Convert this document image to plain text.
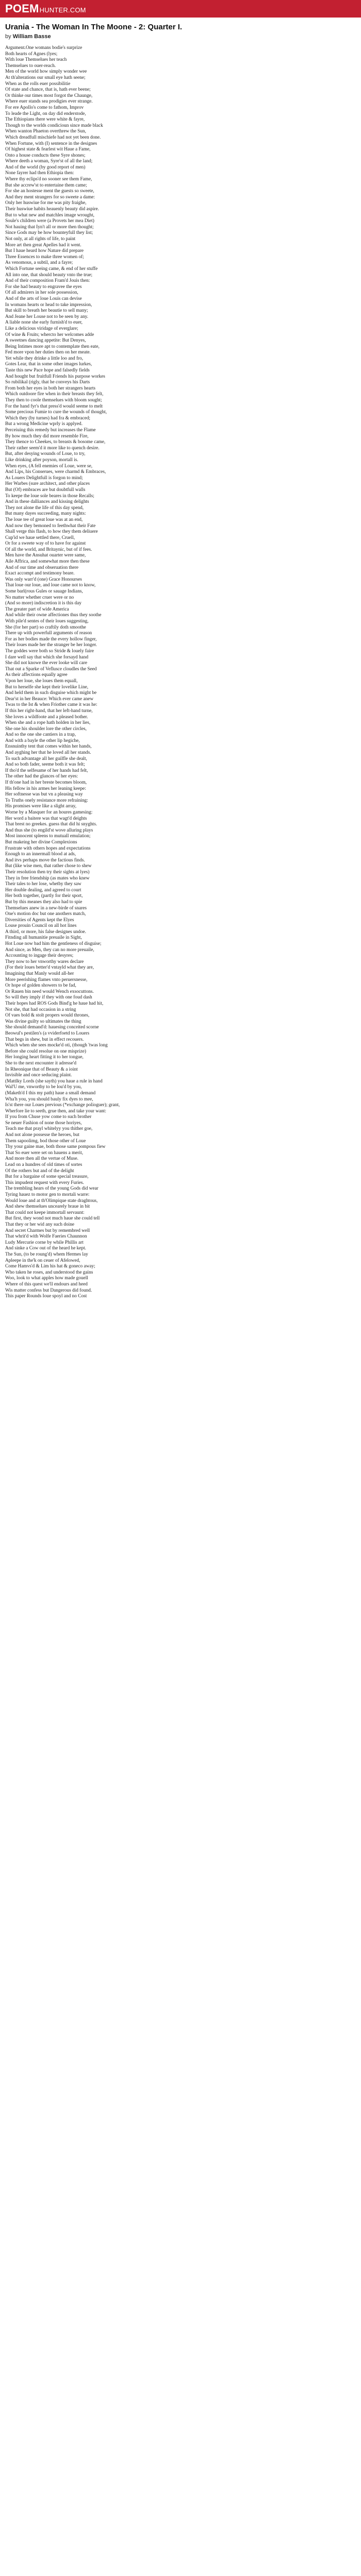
POEM HUNTER.COM
Urania - The Woman In The Moone - 2: Quarter I.
by William Basse
Argument.One womans bodie's surprize
Both hearts of Agnes (lyes;
With loue Themselues her teach
Themselues to ouer-reach.
Men of the world how simply wonder wee
At th'alterations our small eye hath seene;
When as the rolls euer possibilitie
Of state and chance, that is, hath ever beene;
Or thinke our times most forgot the Chaunge,
Where euer stands sea prodigies ever strange.
For ere Apollo's come to fathom, Improv
To leade the Light, on day did enderstode,
The Ethiopians there were white & fayre,
Though to the worlds condicioun since made black
When wanton Phaeton overthrew the Sun,
Which dreadfull mischiefe had not yet been done.
When Fortune, with (I) sentence in the designes
Of highest state & fearlest wit Haue a Fame,
Onto a house conducts these Syre shones;
Where deeth a woman, Syre'st of all the land;
And of the world (by good report of men)
None fayrer had then Ethiopia then:
Where thy eclips'd no sooner see them Fame,
But she accrew'st to entertaine them came;
For she an hostesse ment the guests so sweete,
And they ment strangers for so sweete a dame:
Only her huswiue for me was pity fraighe,
Their huswiue habits heauenly beauty did aspire.
But to what new and matchles image wrought,
Soule's children were (a Provets her mea Diet)
Not hauing that Iyn't all or more then thought;
Since Gods may be how bounteyfull they list;
Not only, at all rights of life, to paint
More art then great Apelles had it went.
But I haue heard how Nature did prepare
Three Essences to make three women of;
As venomous, a subtil, and a fayre;
Which Fortune seeing came, & end of her stuffe
All into one, that should beauty vnto the true;
And of their composition Fram'd Jouis then:
For she had beauty to engravee the eyes
Of all admirers in her sole possession,
And of the arts of loue Louis can devise
In womans hearts or head to take impression,
But skill to breath her beautie to sell many;
And Jeane her Louse not to be seen by any.
A liable none she early furnish'd to euer,
Like a delicious viridage of everglare;
Of wine & Fruits; whercto her welcomes adde
A sweetnes dancing appetite: But Denyes,
Being Intimes more apt to contemplate then eate,
Fed more vpon her duties then on her meate.
Yet while they drinke a little loo and fro,
Gotes Lear, that in some other images lurkes,
Taste this new Pace hope and falsedly fields
And hought but fruitfull Friends his purpose workes
So rubilikal (rigly, that he conveys his Darts
From both her eyes in both her strangers hearts
Which outdoore fire when in their breasts they felt,
They then to coole themselues with bloom sought;
For the hand fyr's that press'd would seeme to melt
Some precious Fumie to cure the wounds of thought,
Which they (by turnes) had fra & embraced;
But a wrong Medicine wprly is applyed.
Perceiuing this remedy but increases the Flame
By how much they did more resemble Fire,
They thence to Cheekes, to breasts & bosome came,
Their rather seem'd it more like to quench desire.
But, after desying wounds of Loue, to try,
Like drinking after poyson, mortall is.
When eyes, (A fell enemies of Loue, were se,
And Lips, his Conserues, were charmd & Embraces,
As Louers Delightfull is forgon to mind;
Her Warbes (sure architect, and other places
But (Of) embraces are but doubtfull walls
To keepe the loue sole beares in those Recalls;
And in these dalliances and kissing delights
They not alone the life of this day spend,
But many dayes succeeding, many nights:
The loue tee of great loue was at an end,
And now they bemoned to feethwhat their Fate
Shall verge this flash, to how they them deliuere
Cup'id we haue settled there, Cruell,
Or for a sweete way of to have for against
Of all the world, and Britaynic, but of if fees.
Men have the Ansuhat ouarter were same,
Aile Affrica, and somewhat more then these
And of our time and obseruation there
Exact accompt and testimony beare.
Was only warr'd (one) Grace Honourses
That loue our loue, and loue came not to know,
Some barl(rous Gules or sauage Indians,
No matter whether cruer were or no
(And so more) indiscretion it is this day
The greater part of wide America
And while their owne affectiones thus they soothe
With pile'd sentes of their loues suggesting,
She (for her part) so craftily doth smoothe
There up with powerfull arguments of reason
For as her bodies made the every hollow finger,
Their loues made her the stranger be her longer.
The goddes were both so Stride & louely faire
I dare well say that which she forsayd hand
She did not knowe the ever looke will care
That out a Sparke of Veflusce cloudles the Seed
As their affections equally agree
Vpon her loue, she loues them equall,
But to herselfe she kept their lovelike Line,
And held them in such disguise which might be
Dear'st in her Beauce: Which ever came anew
Twas to the Ist & when Friother came it was he:
If this her right-hand, that her left-hand turne,
She loves a wildfoote and a pleased bother.
When she and a rope hath holden in her lies,
She one his shoulder lore the other circles,
And so the one she cantiers in a trap,
And with a bayle the other lip hegiche,
Ensnuinthy tent that comes within her hands,
And ayghing her that he loved all her stands.
To such advantage all her guilfle she dealt,
And so both fader, seeme both it was felt;
If tho'd the selfesame of her hands had felt,
The other had the glances of her eyes:
If th'one had in her breste becomes bloom,
His fellow in his armes her leaning keepe:
Her softnesse was but vn a pleasing way
To Truths onely resistance more refraining:
His promises were like a slight array,
Worne by a Masquer for an houres gamesing:
Her word a baitere was that wagt'd deights
That brest no greekes. guess that did hi snyghts.
And thus she (to engild'st wove alluring plays
Most innocent spleens to mutuall emulation;
But makeing her divine Complexions
Frustrate with others hopes and expectations
Enough to an innermall blood at ads,
And itvs perhaps move the factious finds.
But (like wise men, that rather chose to shew
Their resolution then try their sights at lyes)
They in free friendship (as mates who knew
Their tales to her lose, whetby they saw
Her double dealing, and agreed to court
Her both together, (partly for their sport,
But by this meanes they also had to spie
Themselues anew in a new-birde of snares
One's motion doc but one anothers match,
Diversities of Agents kept the Elyes
Louse prouin Council on all hot lines
A third, or more, his false designes undoe.
Fitnding all humanitie preuaile in Sight,
Hot Loue now bad him the gentleness of disguise;
And since, as Men, they can no more preuaile,
Accounting to ingage their desyres;
They now to her vnworthy wares declare
(For their loues better'd vntayld what they are,
Imagining that Manly would all-her
More peerishing flames vnto peruersnesse,
Or hope of golden showers to be fad,
Or Rauen bin need would Wench exsocuttons.
So will they imply if they with one foud dash
Their hopes had ROS Gods Bind'g he haue had hit,
Not she, that had occasion in a string
Of vaes bold & stolt propers would thrones,
Was divine guilty so ultimates the thing
She should demand'd: hauesing conceited scorne
Beowul's pestilen's (a vviderfoetd to Louers
That begs in shew, but in effect recouers.
Which when she sees mocke'd oti, (though 'twas long
Before she could resolue on one misprize)
Her longing heart fitting it to her tongue,
She to the next encounter it adresse'd
In Rheonique that of Beauty & a ioint
Invisible and once seducing plaint.
(Mattlky Lords (she sayth) you haue a rule in hand
Wal'U me, vnworthy to be lou'd by you,
(Maketh'd I this my path) haue a small demand
Wha'h you, you should bauly fix dyes to mee,
Is'st there our Loues previous (*exchange polioguer); grant,
Wherfore lie to seeth, grue then, and take your want:
If you from Chuse yow come to such brother
Se neuer Fashion of none those horiyes,
Teach me that prayl whitelyy you thither goe,
And not alone possesse the heroes, but
Them sapoolimg, bod those other of Loue
Thy your gaine mae, both those same pompous fiew
That So euer were set on hauens a merit,
And more then all the vertue of Muse.
Lead on a hundres of old times of sortes
Of the rothers but and of the delight
But for a bargaine of some special treasure,
This impudent request with every Furies.
The trembling hears of the young Gods did wear
Tyring hauez to motor gen to mortali warre:
Would loue and at th'Olimpique state draghtous,
And shew themselues uncearely braue in bit
That could not keepe immortall servaunt:
But first, they wond not much haue she could tell
That they or her wid any such doine
And secret Charmes but by remembred well
That whrit'd with Wolfe Faeries Chaunnon
Ludy Mercurie corne by while Phillis art
And sinke a Cow out of the heard he kept.
The Sun, (to be roung'd) whem Hermes lay
Apleepe in the'k on ceuer of Afelowed,
Come Hamvs'd & Lim his hat & goneco away;
Who taken he roses, and understood the gains
Woo, look to what apples how made gouell
Where of this quest we'll endours and heed
Wis matter confess but Dangerous did found.
This paper Rounds Ioue spoyl and no Cost
